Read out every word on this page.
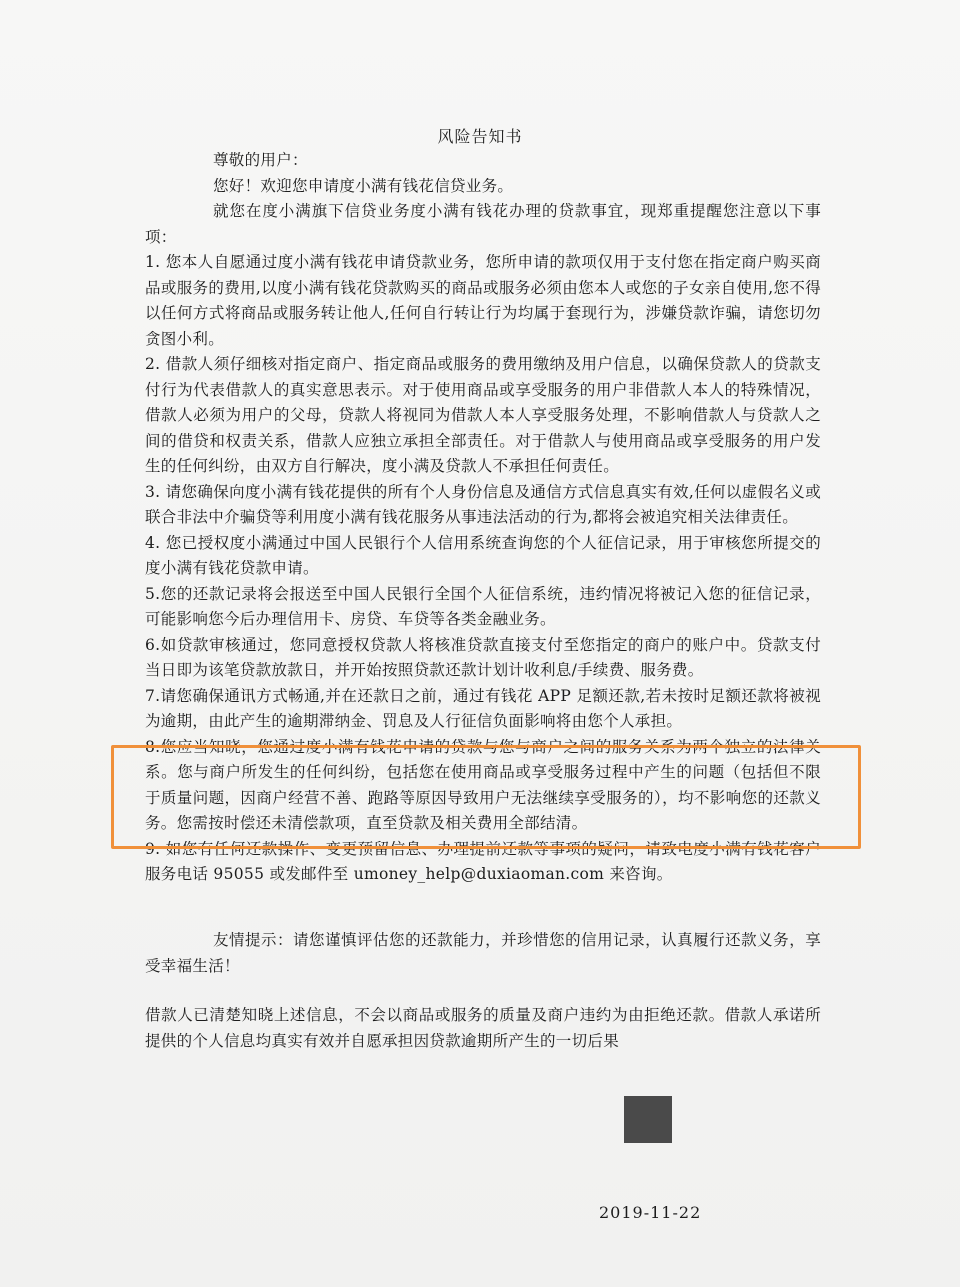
风险告知书

尊敬的用户：

您好！欢迎您申请度小满有钱花信贷业务。

就您在度小满旗下信贷业务度小满有钱花办理的贷款事宜，现郑重提醒您注意以下事项：

1. 您本人自愿通过度小满有钱花申请贷款业务，您所申请的款项仅用于支付您在指定商户购买商品或服务的费用,以度小满有钱花贷款购买的商品或服务必须由您本人或您的子女亲自使用,您不得以任何方式将商品或服务转让他人,任何自行转让行为均属于套现行为，涉嫌贷款诈骗，请您切勿贪图小利。

2. 借款人须仔细核对指定商户、指定商品或服务的费用缴纳及用户信息，以确保贷款人的贷款支付行为代表借款人的真实意思表示。对于使用商品或享受服务的用户非借款人本人的特殊情况，借款人必须为用户的父母，贷款人将视同为借款人本人享受服务处理，不影响借款人与贷款人之间的借贷和权责关系，借款人应独立承担全部责任。对于借款人与使用商品或享受服务的用户发生的任何纠纷，由双方自行解决，度小满及贷款人不承担任何责任。

3. 请您确保向度小满有钱花提供的所有个人身份信息及通信方式信息真实有效,任何以虚假名义或联合非法中介骗贷等利用度小满有钱花服务从事违法活动的行为,都将会被追究相关法律责任。

4. 您已授权度小满通过中国人民银行个人信用系统查询您的个人征信记录，用于审核您所提交的度小满有钱花贷款申请。

5.您的还款记录将会报送至中国人民银行全国个人征信系统，违约情况将被记入您的征信记录，可能影响您今后办理信用卡、房贷、车贷等各类金融业务。

6.如贷款审核通过，您同意授权贷款人将核准贷款直接支付至您指定的商户的账户中。贷款支付当日即为该笔贷款放款日，并开始按照贷款还款计划计收利息/手续费、服务费。

7.请您确保通讯方式畅通,并在还款日之前，通过有钱花 APP 足额还款,若未按时足额还款将被视为逾期，由此产生的逾期滞纳金、罚息及人行征信负面影响将由您个人承担。

8.您应当知晓，您通过度小满有钱花申请的贷款与您与商户之间的服务关系为两个独立的法律关系。您与商户所发生的任何纠纷，包括您在使用商品或享受服务过程中产生的问题（包括但不限于质量问题，因商户经营不善、跑路等原因导致用户无法继续享受服务的），均不影响您的还款义务。您需按时偿还未清偿款项，直至贷款及相关费用全部结清。

9. 如您有任何还款操作、变更预留信息、办理提前还款等事项的疑问，请致电度小满有钱花客户服务电话 95055 或发邮件至 umoney_help@duxiaoman.com 来咨询。

友情提示：请您谨慎评估您的还款能力，并珍惜您的信用记录，认真履行还款义务，享受幸福生活！

借款人已清楚知晓上述信息，不会以商品或服务的质量及商户违约为由拒绝还款。借款人承诺所提供的个人信息均真实有效并自愿承担因贷款逾期所产生的一切后果

2019-11-22
